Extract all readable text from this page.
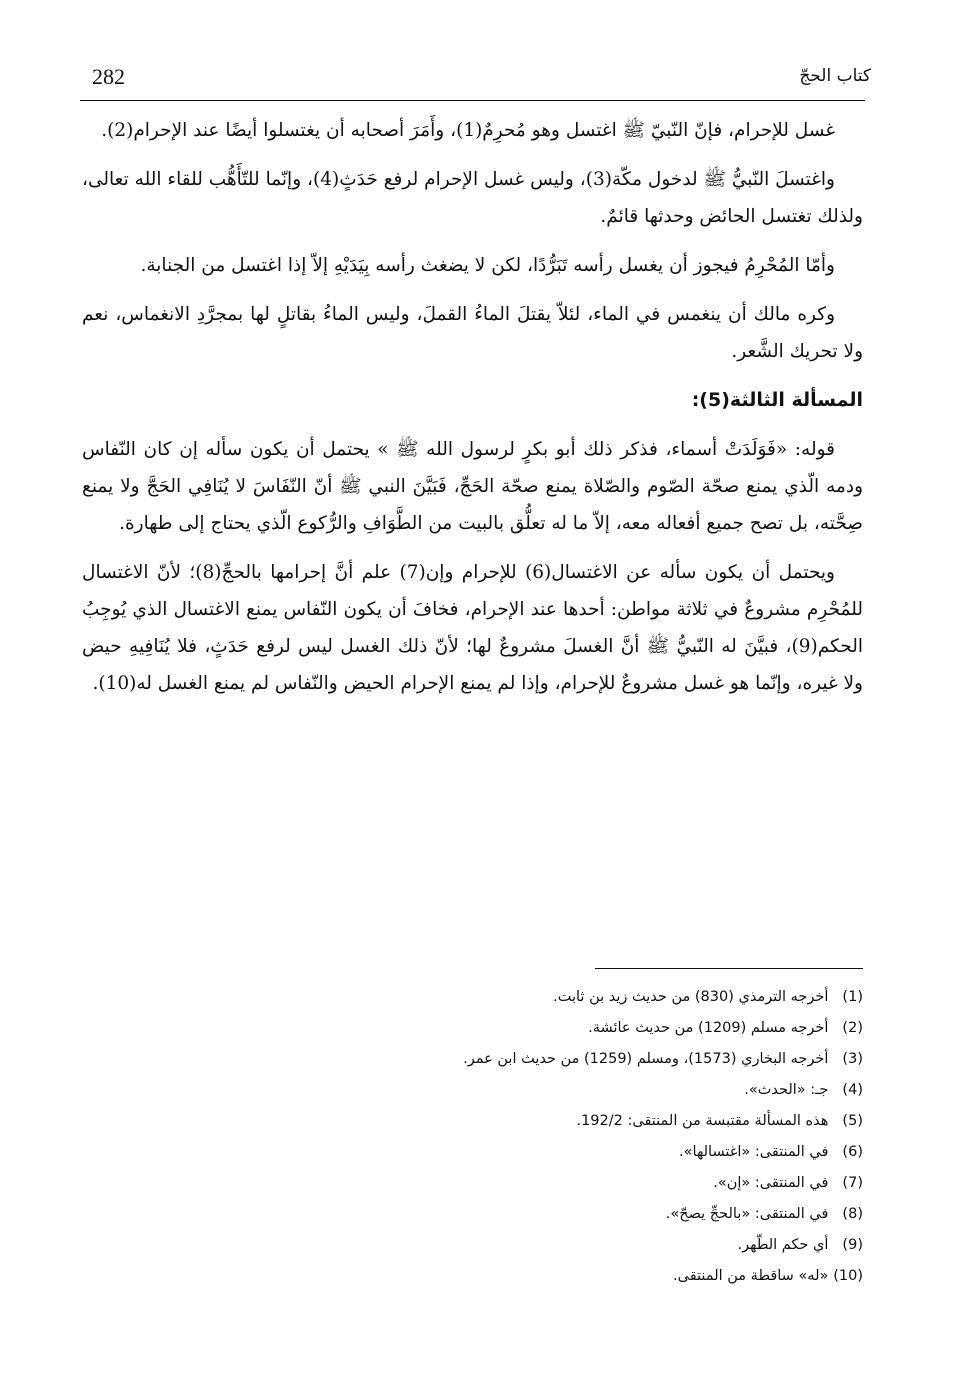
282	كتاب الحجّ

غسل للإحرام، فإنّ النّبيّ ﷺ اغتسل وهو مُحرِمٌ(1)، وأَمَرَ أصحابه أن يغتسلوا أيضًا عند الإحرام(2).

واغتسلَ النّبيُّ ﷺ لدخول مكّة(3)، وليس غسل الإحرام لرفع حَدَثٍ(4)، وإنّما للتّأَهُّب للقاء الله تعالى، ولذلك تغتسل الحائض وحدثها قائمٌ.

وأمّا المُحْرِمُ فيجوز أن يغسل رأسه تَبَرُّدًا، لكن لا يضغث رأسه بِيَدَيْهِ إلاّ إذا اغتسل من الجنابة.

وكره مالك أن ينغمس في الماء، لئلاّ يقتلَ الماءُ القملَ، وليس الماءُ بقاتلٍ لها بمجرَّدِ الانغماس، نعم ولا تحريك الشَّعر.

المسألة الثالثة(5):

قوله: «فَوَلَدَتْ أسماء، فذكر ذلك أبو بكرٍ لرسول الله ﷺ » يحتمل أن يكون سأله إن كان النّفاس ودمه الّذي يمنع صحّة الصّوم والصّلاة يمنع صحّة الحَجِّ، فَبَيَّنَ النبي ﷺ أنّ النّفَاسَ لا يُنَافِي الحَجَّ ولا يمنع صِحَّته، بل تصح جميع أفعاله معه، إلاّ ما له تعلُّق بالبيت من الطَّوَافِ والرُّكوع الّذي يحتاج إلى طهارة.

ويحتمل أن يكون سأله عن الاغتسال(6) للإحرام وإن(7) علم أنَّ إحرامها بالحجِّ(8)؛ لأنّ الاغتسال للمُحْرِم مشروعٌ في ثلاثة مواطن: أحدها عند الإحرام، فخافَ أن يكون النّفاس يمنع الاغتسال الذي يُوجِبُ الحكم(9)، فبيَّنَ له النّبيُّ ﷺ أنَّ الغسلَ مشروعٌ لها؛ لأنّ ذلك الغسل ليس لرفع حَدَثٍ، فلا يُنَافِيهِ حيض ولا غيره، وإنّما هو غسل مشروعٌ للإحرام، وإذا لم يمنع الإحرام الحيض والنّفاس لم يمنع الغسل له(10).

(1) أخرجه الترمذي (830) من حديث زيد بن ثابت.
(2) أخرجه مسلم (1209) من حديث عائشة.
(3) أخرجه البخاري (1573)، ومسلم (1259) من حديث ابن عمر.
(4) جـ: «الحدث».
(5) هذه المسألة مقتبسة من المنتقى: 192/2.
(6) في المنتقى: «اغتسالها».
(7) في المنتقى: «إن».
(8) في المنتقى: «بالحجِّ يصحّ».
(9) أي حكم الطّهر.
(10) «له» ساقطة من المنتقى.
